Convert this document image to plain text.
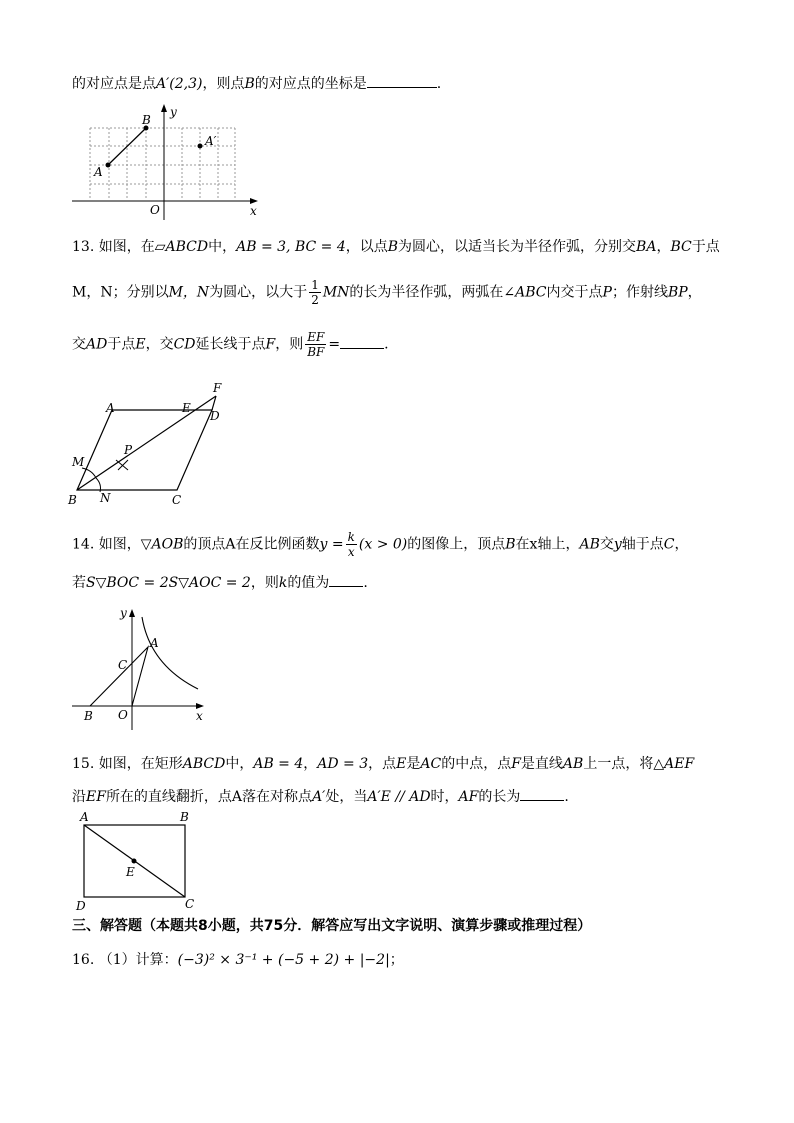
的对应点是点A′(2,3)，则点B的对应点的坐标是	.
A
B
A′
O	x
y
13. 如图，在▱ABCD中，AB = 3, BC = 4，以点B为圆心，以适当长为半径作弧，分别交BA，BC于点
M，N；分别以M，N为圆心，以大于 $\frac{1}{2}$ MN的长为半径作弧，两弧在∠ABC内交于点P；作射线BP，
交AD于点E，交CD延长线于点F，则 $\frac{EF}{BF}$ =	.
A
B	C
D
E
F
M
N
P
14. 如图，▽AOB的顶点A在反比例函数$y = \frac{k}{x} (x > 0)$的图像上，顶点B在x轴上，AB交y轴于点C，
若S▽BOC = 2S▽AOC = 2，则k的值为 .
A
B
C
O	x
y
15. 如图，在矩形ABCD中，AB = 4，AD = 3，点E是AC的中点，点F是直线AB上一点，将△AEF
沿EF所在的直线翻折，点A落在对称点A′处，当A′E // AD时，AF的长为	.
A	B
C
D
E
三、解答题（本题共8小题，共75分．解答应写出文字说明、演算步骤或推理过程）
16. （1）计算：(−3)² × 3⁻¹ + (−5 + 2) + |−2|；
